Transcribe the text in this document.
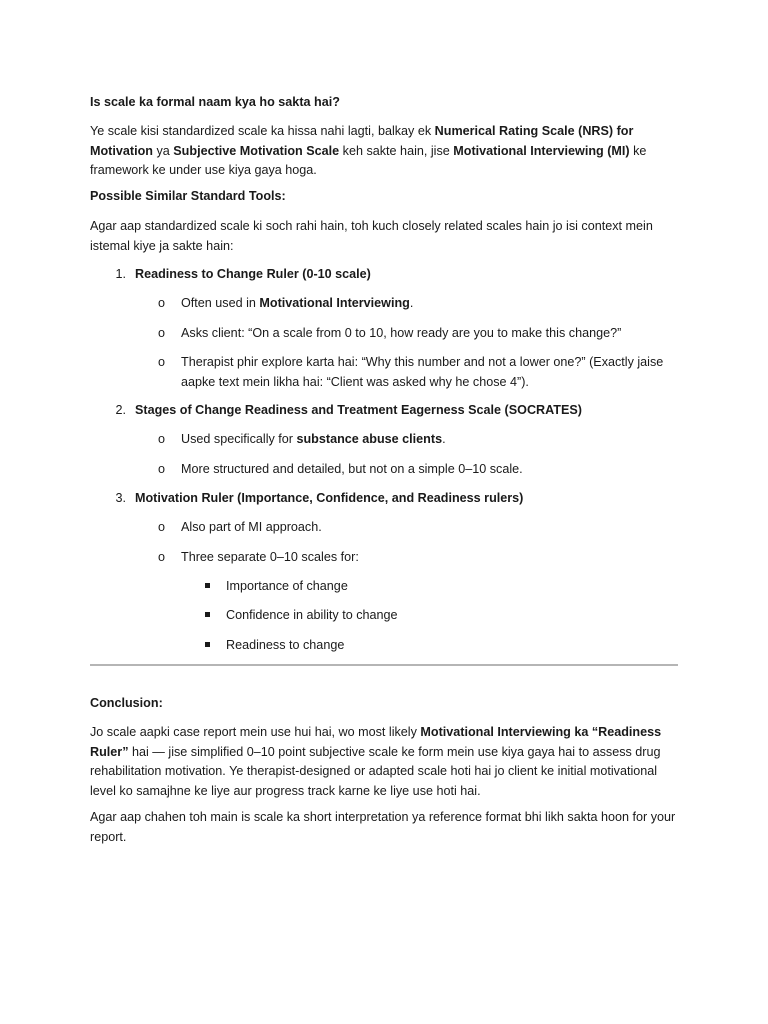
Is scale ka formal naam kya ho sakta hai?

Ye scale kisi standardized scale ka hissa nahi lagti, balkay ek Numerical Rating Scale (NRS) for Motivation ya Subjective Motivation Scale keh sakte hain, jise Motivational Interviewing (MI) ke framework ke under use kiya gaya hoga.

Possible Similar Standard Tools:

Agar aap standardized scale ki soch rahi hain, toh kuch closely related scales hain jo isi context mein istemal kiye ja sakte hain:

1. Readiness to Change Ruler (0-10 scale)

o Often used in Motivational Interviewing.

o Asks client: “On a scale from 0 to 10, how ready are you to make this change?”

o Therapist phir explore karta hai: “Why this number and not a lower one?” (Exactly jaise aapke text mein likha hai: “Client was asked why he chose 4”).

2. Stages of Change Readiness and Treatment Eagerness Scale (SOCRATES)

o Used specifically for substance abuse clients.

o More structured and detailed, but not on a simple 0–10 scale.

3. Motivation Ruler (Importance, Confidence, and Readiness rulers)

o Also part of MI approach.

o Three separate 0–10 scales for:

Importance of change

Confidence in ability to change

Readiness to change

Conclusion:

Jo scale aapki case report mein use hui hai, wo most likely Motivational Interviewing ka “Readiness Ruler” hai — jise simplified 0–10 point subjective scale ke form mein use kiya gaya hai to assess drug rehabilitation motivation. Ye therapist-designed or adapted scale hoti hai jo client ke initial motivational level ko samajhne ke liye aur progress track karne ke liye use hoti hai.

Agar aap chahen toh main is scale ka short interpretation ya reference format bhi likh sakta hoon for your report.
